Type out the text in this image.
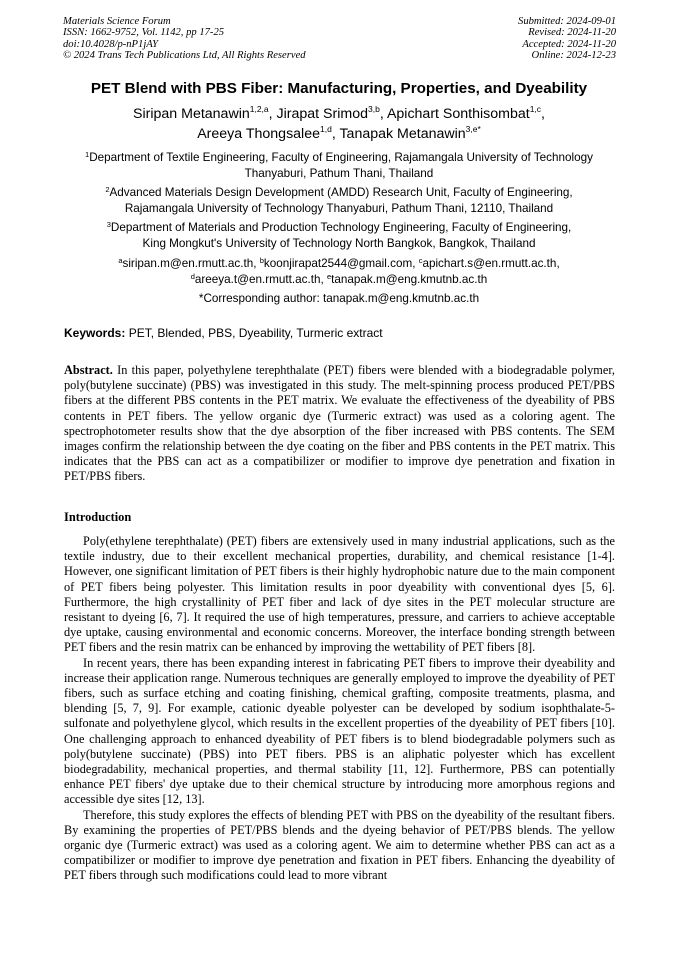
Materials Science Forum
ISSN: 1662-9752, Vol. 1142, pp 17-25
doi:10.4028/p-nP1jAY
© 2024 Trans Tech Publications Ltd, All Rights Reserved
Submitted: 2024-09-01
Revised: 2024-11-20
Accepted: 2024-11-20
Online: 2024-12-23
PET Blend with PBS Fiber: Manufacturing, Properties, and Dyeability
Siripan Metanawin$^{1,2,a}$, Jirapat Srimod$^{3,b}$, Apichart Sonthisombat$^{1,c}$,
Areeya Thongsalee$^{1,d}$, Tanapak Metanawin$^{3,e*}$
$^1$Department of Textile Engineering, Faculty of Engineering, Rajamangala University of Technology
Thanyaburi, Pathum Thani, Thailand
$^2$Advanced Materials Design Development (AMDD) Research Unit, Faculty of Engineering,
Rajamangala University of Technology Thanyaburi, Pathum Thani, 12110, Thailand
$^3$Department of Materials and Production Technology Engineering, Faculty of Engineering,
King Mongkut's University of Technology North Bangkok, Bangkok, Thailand
$^a$siripan.m@en.rmutt.ac.th, $^b$koonjirapat2544@gmail.com, $^c$apichart.s@en.rmutt.ac.th,
$^d$areeya.t@en.rmutt.ac.th, $^e$tanapak.m@eng.kmutnb.ac.th
*Corresponding author: tanapak.m@eng.kmutnb.ac.th
Keywords: PET, Blended, PBS, Dyeability, Turmeric extract

Abstract. In this paper, polyethylene terephthalate (PET) fibers were blended with a biodegradable polymer, poly(butylene succinate) (PBS) was investigated in this study. The melt-spinning process produced PET/PBS fibers at the different PBS contents in the PET matrix. We evaluate the effectiveness of the dyeability of PBS contents in PET fibers. The yellow organic dye (Turmeric extract) was used as a coloring agent. The spectrophotometer results show that the dye absorption of the fiber increased with PBS contents. The SEM images confirm the relationship between the dye coating on the fiber and PBS contents in the PET matrix. This indicates that the PBS can act as a compatibilizer or modifier to improve dye penetration and fixation in PET/PBS fibers.

Introduction

Poly(ethylene terephthalate) (PET) fibers are extensively used in many industrial applications, such as the textile industry, due to their excellent mechanical properties, durability, and chemical resistance [1-4]. However, one significant limitation of PET fibers is their highly hydrophobic nature due to the main component of PET fibers being polyester. This limitation results in poor dyeability with conventional dyes [5, 6]. Furthermore, the high crystallinity of PET fiber and lack of dye sites in the PET molecular structure are resistant to dyeing [6, 7]. It required the use of high temperatures, pressure, and carriers to achieve acceptable dye uptake, causing environmental and economic concerns. Moreover, the interface bonding strength between PET fibers and the resin matrix can be enhanced by improving the wettability of PET fibers [8].

In recent years, there has been expanding interest in fabricating PET fibers to improve their dyeability and increase their application range. Numerous techniques are generally employed to improve the dyeability of PET fibers, such as surface etching and coating finishing, chemical grafting, composite treatments, plasma, and blending [5, 7, 9]. For example, cationic dyeable polyester can be developed by sodium isophthalate-5-sulfonate and polyethylene glycol, which results in the excellent properties of the dyeability of PET fibers [10]. One challenging approach to enhanced dyeability of PET fibers is to blend biodegradable polymers such as poly(butylene succinate) (PBS) into PET fibers. PBS is an aliphatic polyester which has excellent biodegradability, mechanical properties, and thermal stability [11, 12]. Furthermore, PBS can potentially enhance PET fibers' dye uptake due to their chemical structure by introducing more amorphous regions and accessible dye sites [12, 13].

Therefore, this study explores the effects of blending PET with PBS on the dyeability of the resultant fibers. By examining the properties of PET/PBS blends and the dyeing behavior of PET/PBS blends. The yellow organic dye (Turmeric extract) was used as a coloring agent. We aim to determine whether PBS can act as a compatibilizer or modifier to improve dye penetration and fixation in PET fibers. Enhancing the dyeability of PET fibers through such modifications could lead to more vibrant
